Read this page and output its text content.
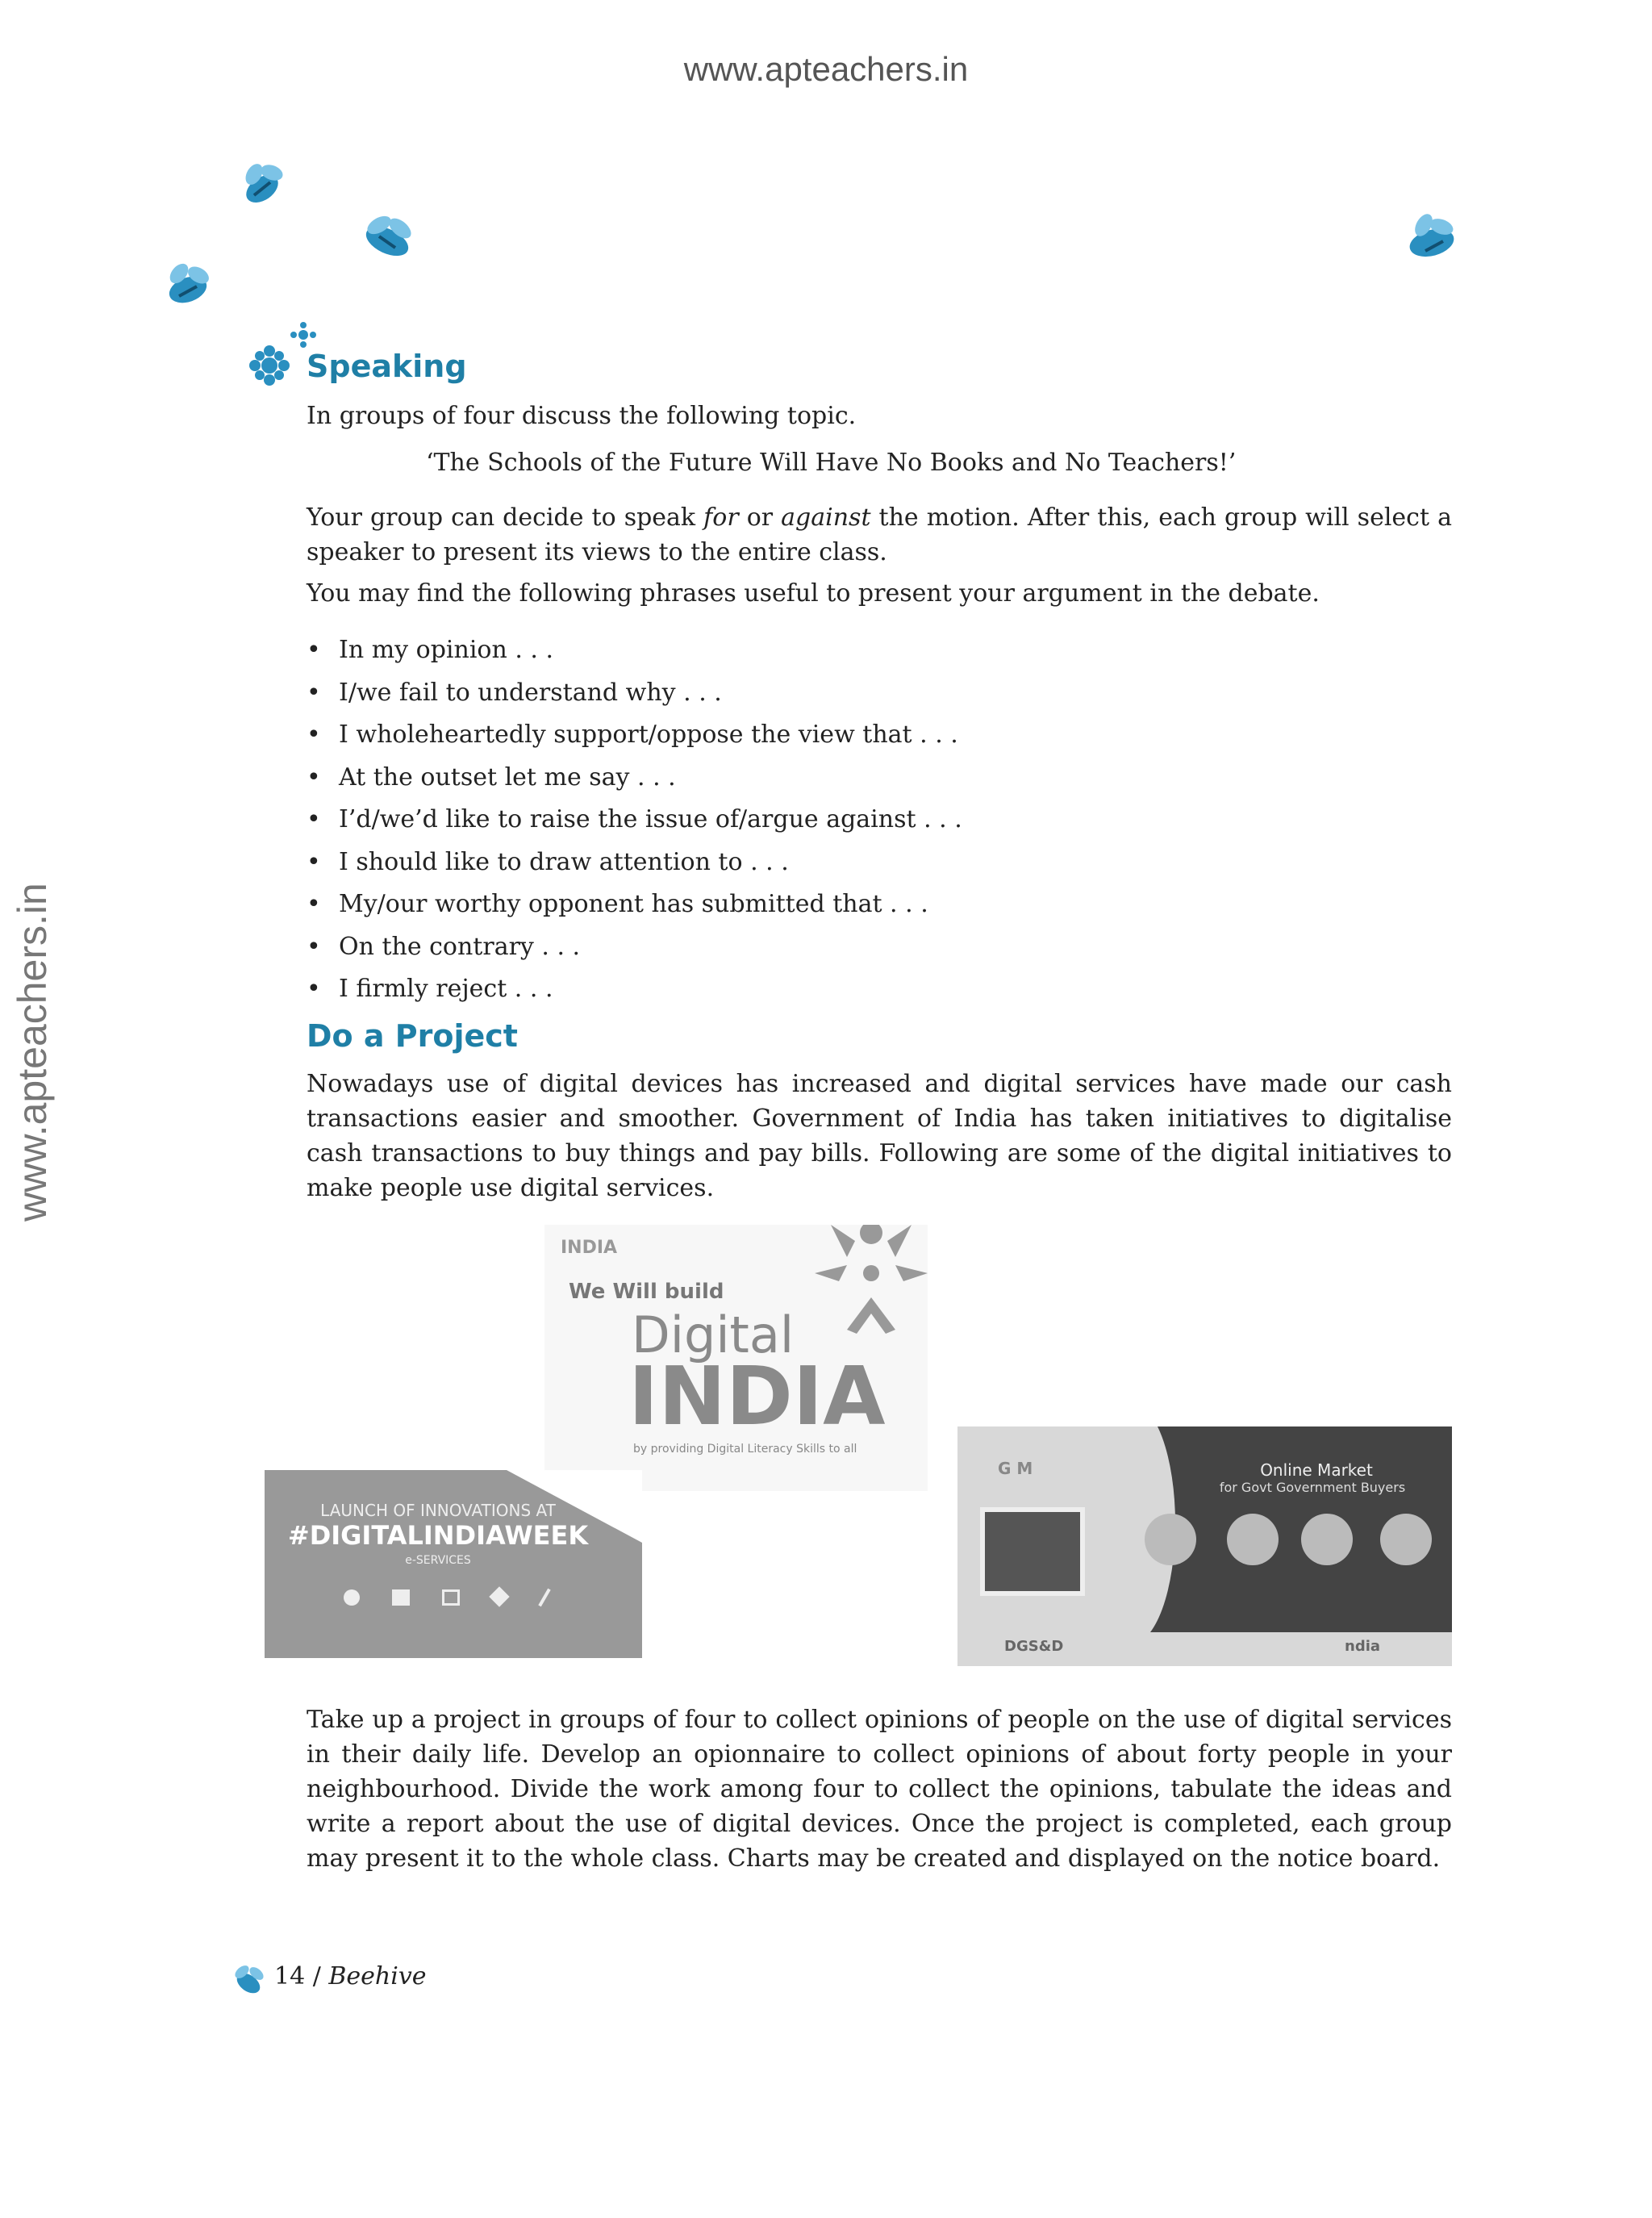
www.apteachers.in
www.apteachers.in
Speaking
In groups of four discuss the following topic.
‘The Schools of the Future Will Have No Books and No Teachers!’
Your group can decide to speak for or against the motion. After this, each group will select a speaker to present its views to the entire class.
You may find the following phrases useful to present your argument in the debate.
• In my opinion . . .
• I/we fail to understand why . . .
• I wholeheartedly support/oppose the view that . . .
• At the outset let me say . . .
• I’d/we’d like to raise the issue of/argue against . . .
• I should like to draw attention to . . .
• My/our worthy opponent has submitted that . . .
• On the contrary . . .
• I firmly reject . . .
Do a Project
Nowadays use of digital devices has increased and digital services have made our cash transactions easier and smoother. Government of India has taken initiatives to digitalise cash transactions to buy things and pay bills. Following are some of the digital initiatives to make people use digital services.
INDIA
We Will build
Digital
INDIA
by providing Digital Literacy Skills to all
LAUNCH OF INNOVATIONS AT
#DIGITALINDIAWEEK
e-SERVICES
G M	Online Market
for Govt Government Buyers
DGS&D	ndia
Take up a project in groups of four to collect opinions of people on the use of digital services in their daily life. Develop an opionnaire to collect opinions of about forty people in your neighbourhood. Divide the work among four to collect the opinions, tabulate the ideas and write a report about the use of digital devices. Once the project is completed, each group may present it to the whole class. Charts may be created and displayed on the notice board.
14 / Beehive
